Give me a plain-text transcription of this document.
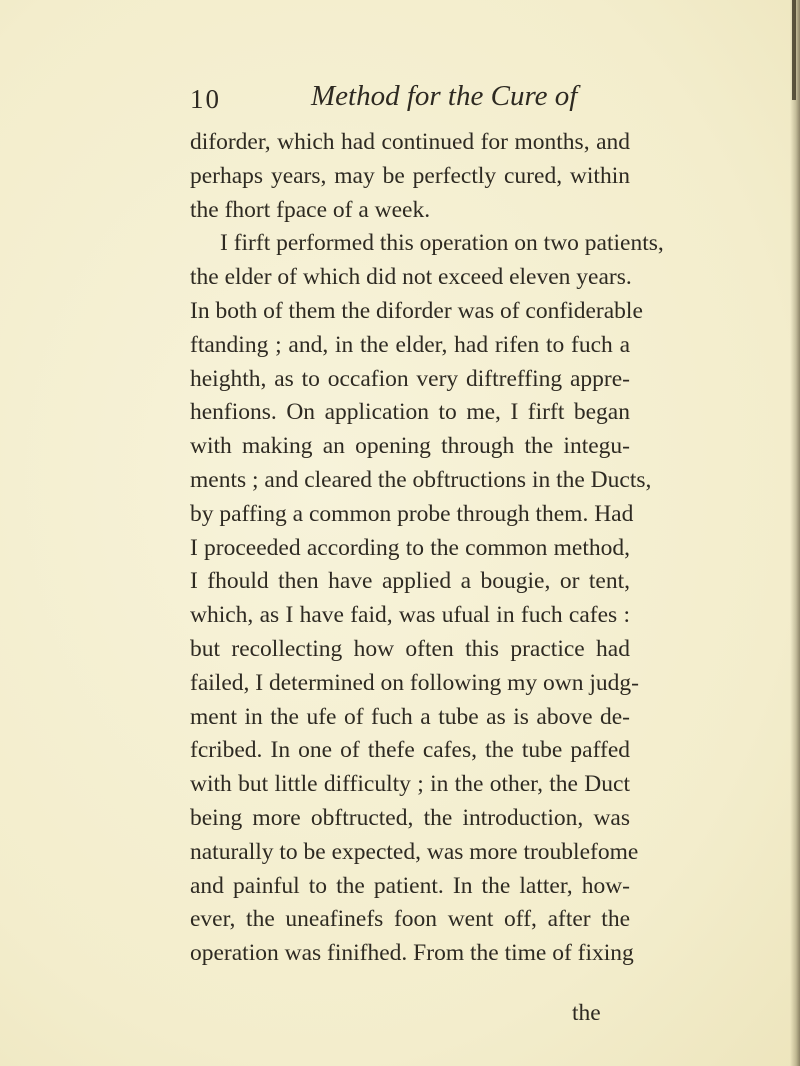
10	Method for the Cure of
diforder, which had continued for months, and
perhaps years, may be perfectly cured, within
the fhort fpace of a week.
I firft performed this operation on two patients,
the elder of which did not exceed eleven years.
In both of them the diforder was of confiderable
ftanding ; and, in the elder, had rifen to fuch a
heighth, as to occafion very diftreffing appre-
henfions. On application to me, I firft began
with making an opening through the integu-
ments ; and cleared the obftructions in the Ducts,
by paffing a common probe through them. Had
I proceeded according to the common method,
I fhould then have applied a bougie, or tent,
which, as I have faid, was ufual in fuch cafes :
but recollecting how often this practice had
failed, I determined on following my own judg-
ment in the ufe of fuch a tube as is above de-
fcribed. In one of thefe cafes, the tube paffed
with but little difficulty ; in the other, the Duct
being more obftructed, the introduction, was
naturally to be expected, was more troublefome
and painful to the patient. In the latter, how-
ever, the uneafinefs foon went off, after the
operation was finifhed. From the time of fixing
the
